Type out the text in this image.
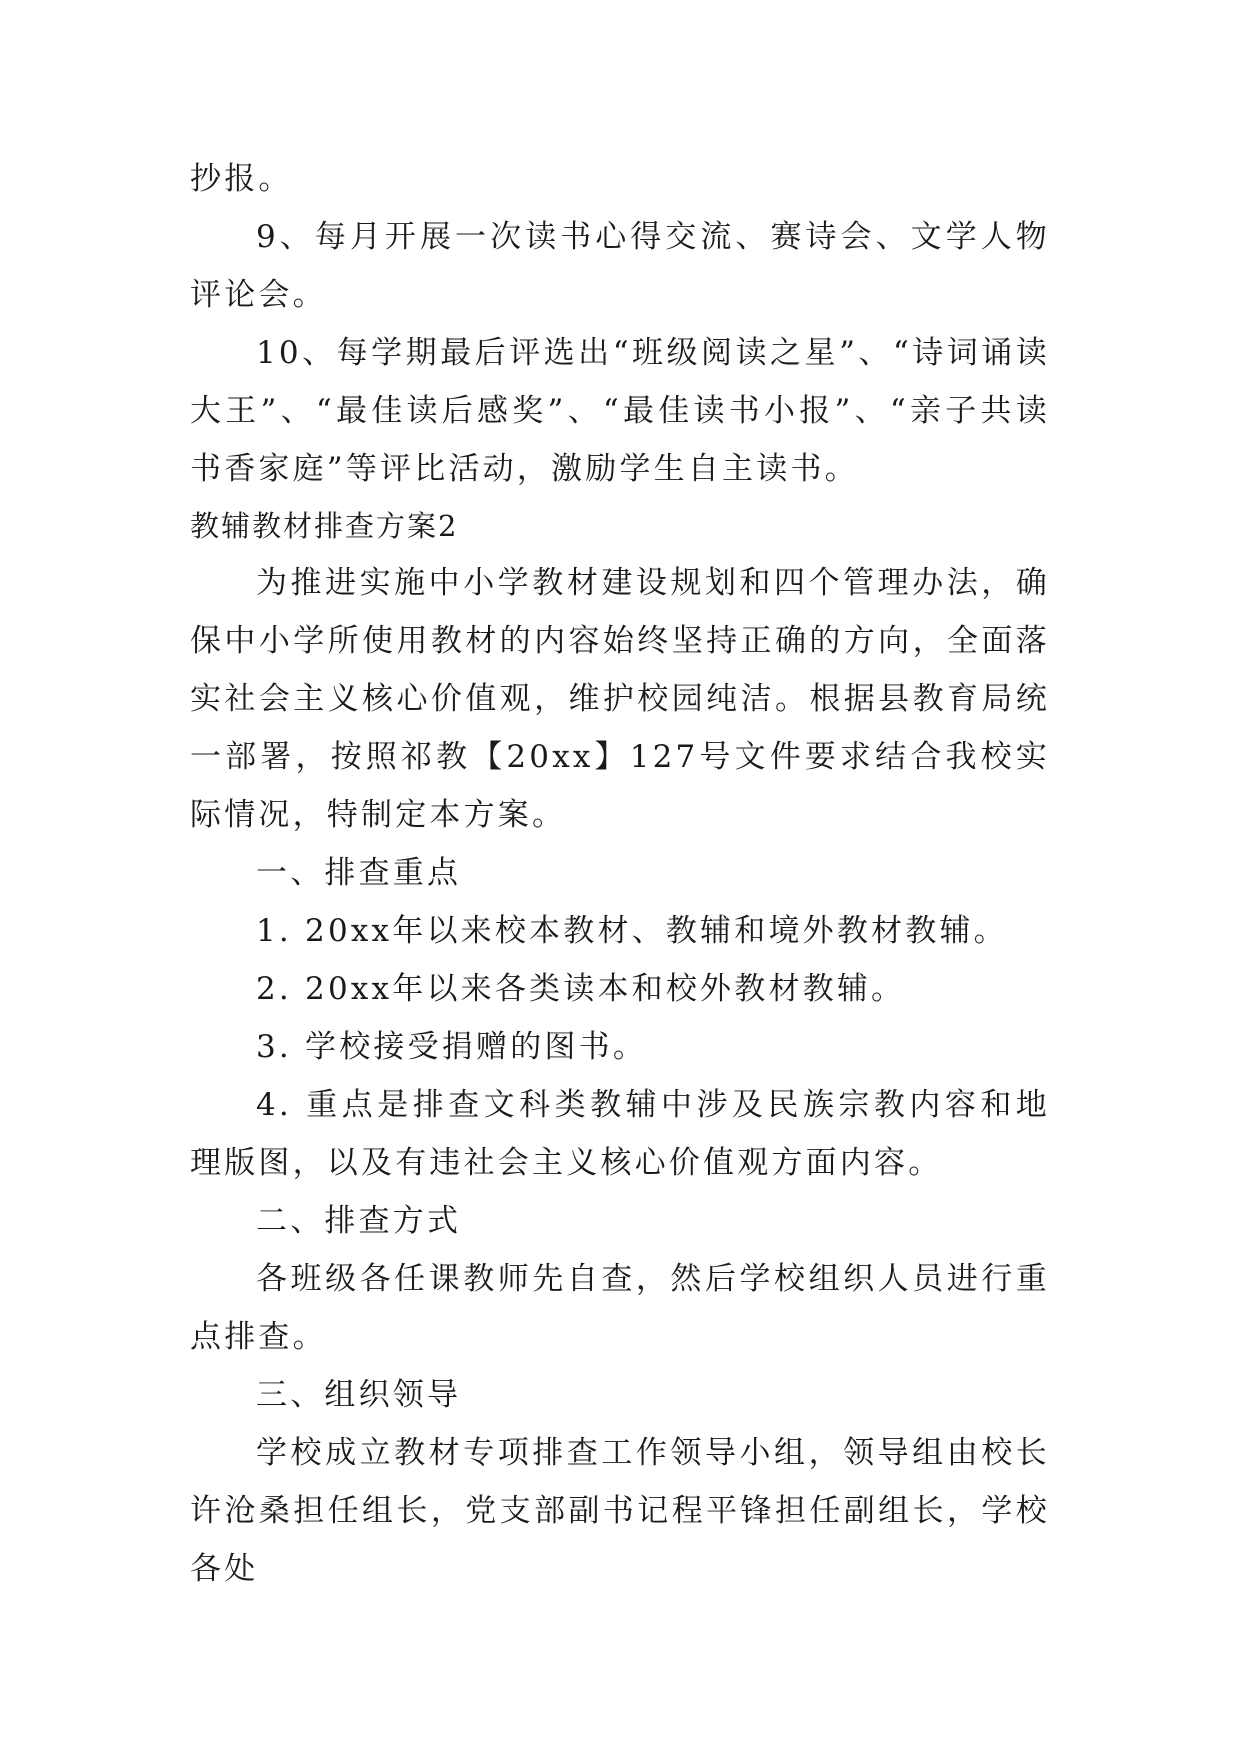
抄报。

9、每月开展一次读书心得交流、赛诗会、文学人物评论会。

10、每学期最后评选出“班级阅读之星”、“诗词诵读大王”、“最佳读后感奖”、“最佳读书小报”、“亲子共读书香家庭”等评比活动，激励学生自主读书。

教辅教材排查方案2

为推进实施中小学教材建设规划和四个管理办法，确保中小学所使用教材的内容始终坚持正确的方向，全面落实社会主义核心价值观，维护校园纯洁。根据县教育局统一部署，按照祁教【20xx】127号文件要求结合我校实际情况，特制定本方案。

一、排查重点

1. 20xx年以来校本教材、教辅和境外教材教辅。

2. 20xx年以来各类读本和校外教材教辅。

3. 学校接受捐赠的图书。

4. 重点是排查文科类教辅中涉及民族宗教内容和地理版图，以及有违社会主义核心价值观方面内容。

二、排查方式

各班级各任课教师先自查，然后学校组织人员进行重点排查。

三、组织领导

学校成立教材专项排查工作领导小组，领导组由校长许沧桑担任组长，党支部副书记程平锋担任副组长，学校各处
